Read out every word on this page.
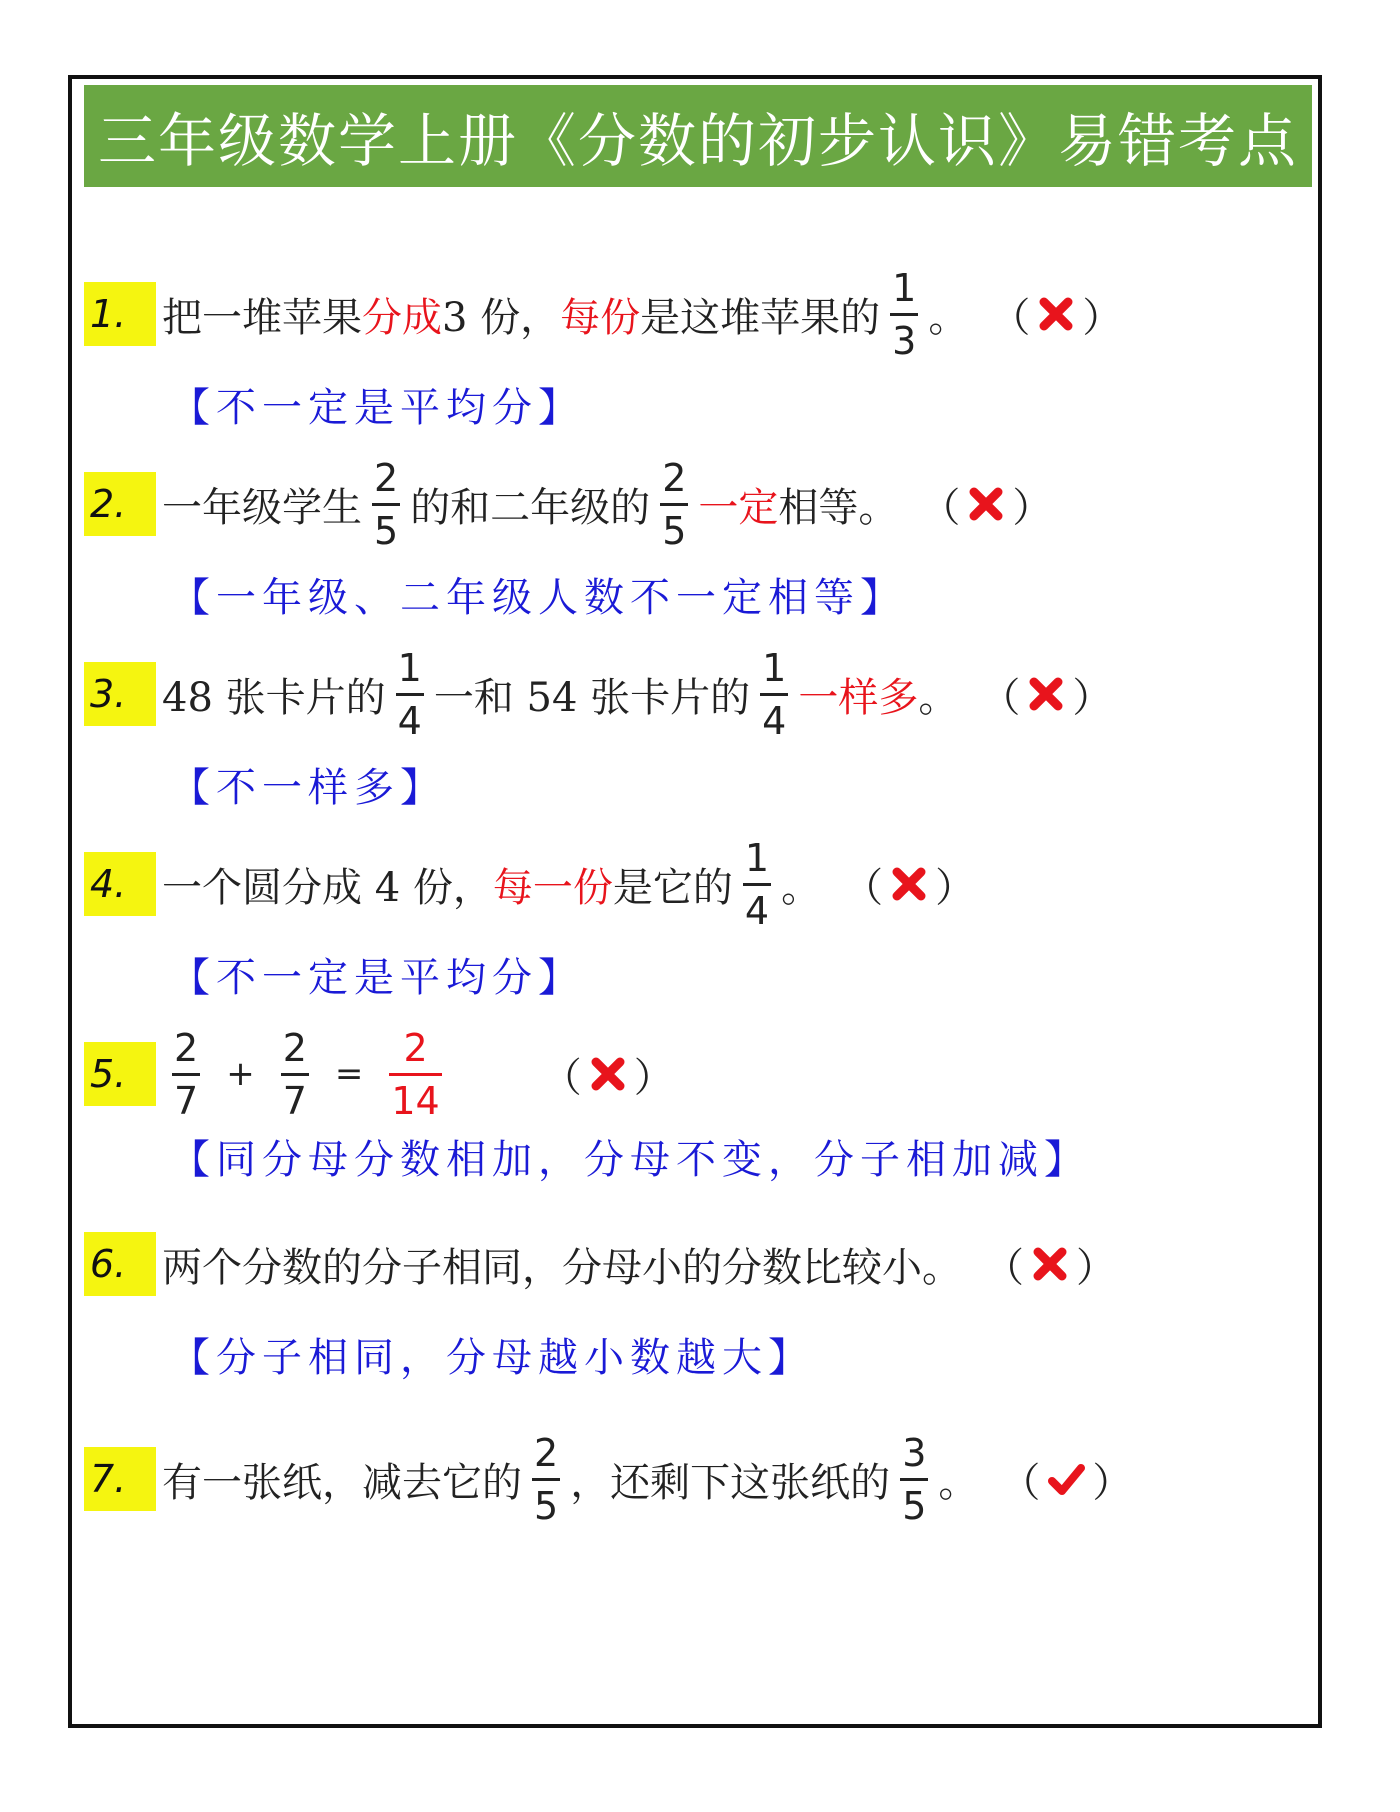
三年级数学上册《分数的初步认识》易错考点
1. 把一堆苹果 分成 3 份， 每份 是这堆苹果的 $\frac{1}{3}$ 。 （ ）
【不一定是平均分】
2. 一年级学生 $\frac{2}{5}$ 的和二年级的 $\frac{2}{5}$ 一定 相等。 （ ）
【一年级、二年级人数不一定相等】
3. 48 张卡片的 $\frac{1}{4}$ 一和 54 张卡片的 $\frac{1}{4}$ 一样多 。 （ ）
【不一样多】
4. 一个圆分成 4 份， 每一份 是它的 $\frac{1}{4}$ 。 （ ）
【不一定是平均分】
5.	$\frac{2}{7} + \frac{2}{7} = \frac{2}{14}$	（ ）
【同分母分数相加，分母不变，分子相加减】
6. 两个分数的分子相同，分母小的分数比较小。 （ ）
【分子相同，分母越小数越大】
7. 有一张纸，减去它的 $\frac{2}{5}$ ，还剩下这张纸的 $\frac{3}{5}$ 。 （ ）
